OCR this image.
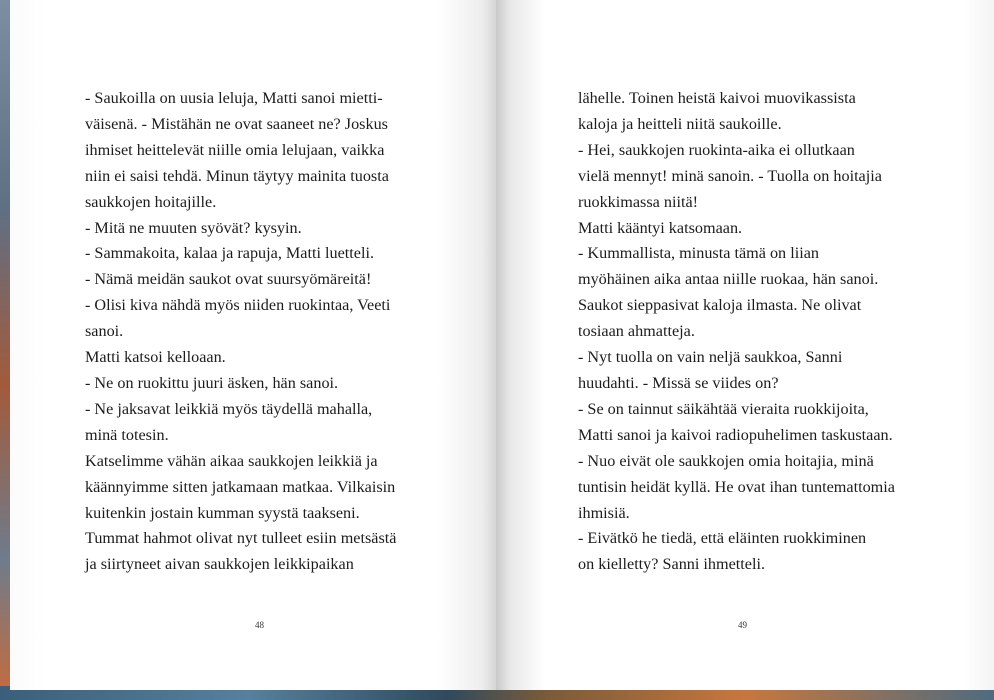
- Saukoilla on uusia leluja, Matti sanoi mietti-
väisenä. - Mistähän ne ovat saaneet ne? Joskus
ihmiset heittelevät niille omia lelujaan, vaikka
niin ei saisi tehdä. Minun täytyy mainita tuosta
saukkojen hoitajille.
- Mitä ne muuten syövät? kysyin.
- Sammakoita, kalaa ja rapuja, Matti luetteli.
- Nämä meidän saukot ovat suursyömäreitä!
- Olisi kiva nähdä myös niiden ruokintaa, Veeti
sanoi.
Matti katsoi kelloaan.
- Ne on ruokittu juuri äsken, hän sanoi.
- Ne jaksavat leikkiä myös täydellä mahalla,
minä totesin.
Katselimme vähän aikaa saukkojen leikkiä ja
käännyimme sitten jatkamaan matkaa. Vilkaisin
kuitenkin jostain kumman syystä taakseni.
Tummat hahmot olivat nyt tulleet esiin metsästä
ja siirtyneet aivan saukkojen leikkipaikan
48
lähelle. Toinen heistä kaivoi muovikassista
kaloja ja heitteli niitä saukoille.
- Hei, saukkojen ruokinta-aika ei ollutkaan
vielä mennyt! minä sanoin. - Tuolla on hoitajia
ruokkimassa niitä!
Matti kääntyi katsomaan.
- Kummallista, minusta tämä on liian
myöhäinen aika antaa niille ruokaa, hän sanoi.
Saukot sieppasivat kaloja ilmasta. Ne olivat
tosiaan ahmatteja.
- Nyt tuolla on vain neljä saukkoa, Sanni
huudahti. - Missä se viides on?
- Se on tainnut säikähtää vieraita ruokkijoita,
Matti sanoi ja kaivoi radiopuhelimen taskustaan.
- Nuo eivät ole saukkojen omia hoitajia, minä
tuntisin heidät kyllä. He ovat ihan tuntemattomia
ihmisiä.
- Eivätkö he tiedä, että eläinten ruokkiminen
on kielletty? Sanni ihmetteli.
49
